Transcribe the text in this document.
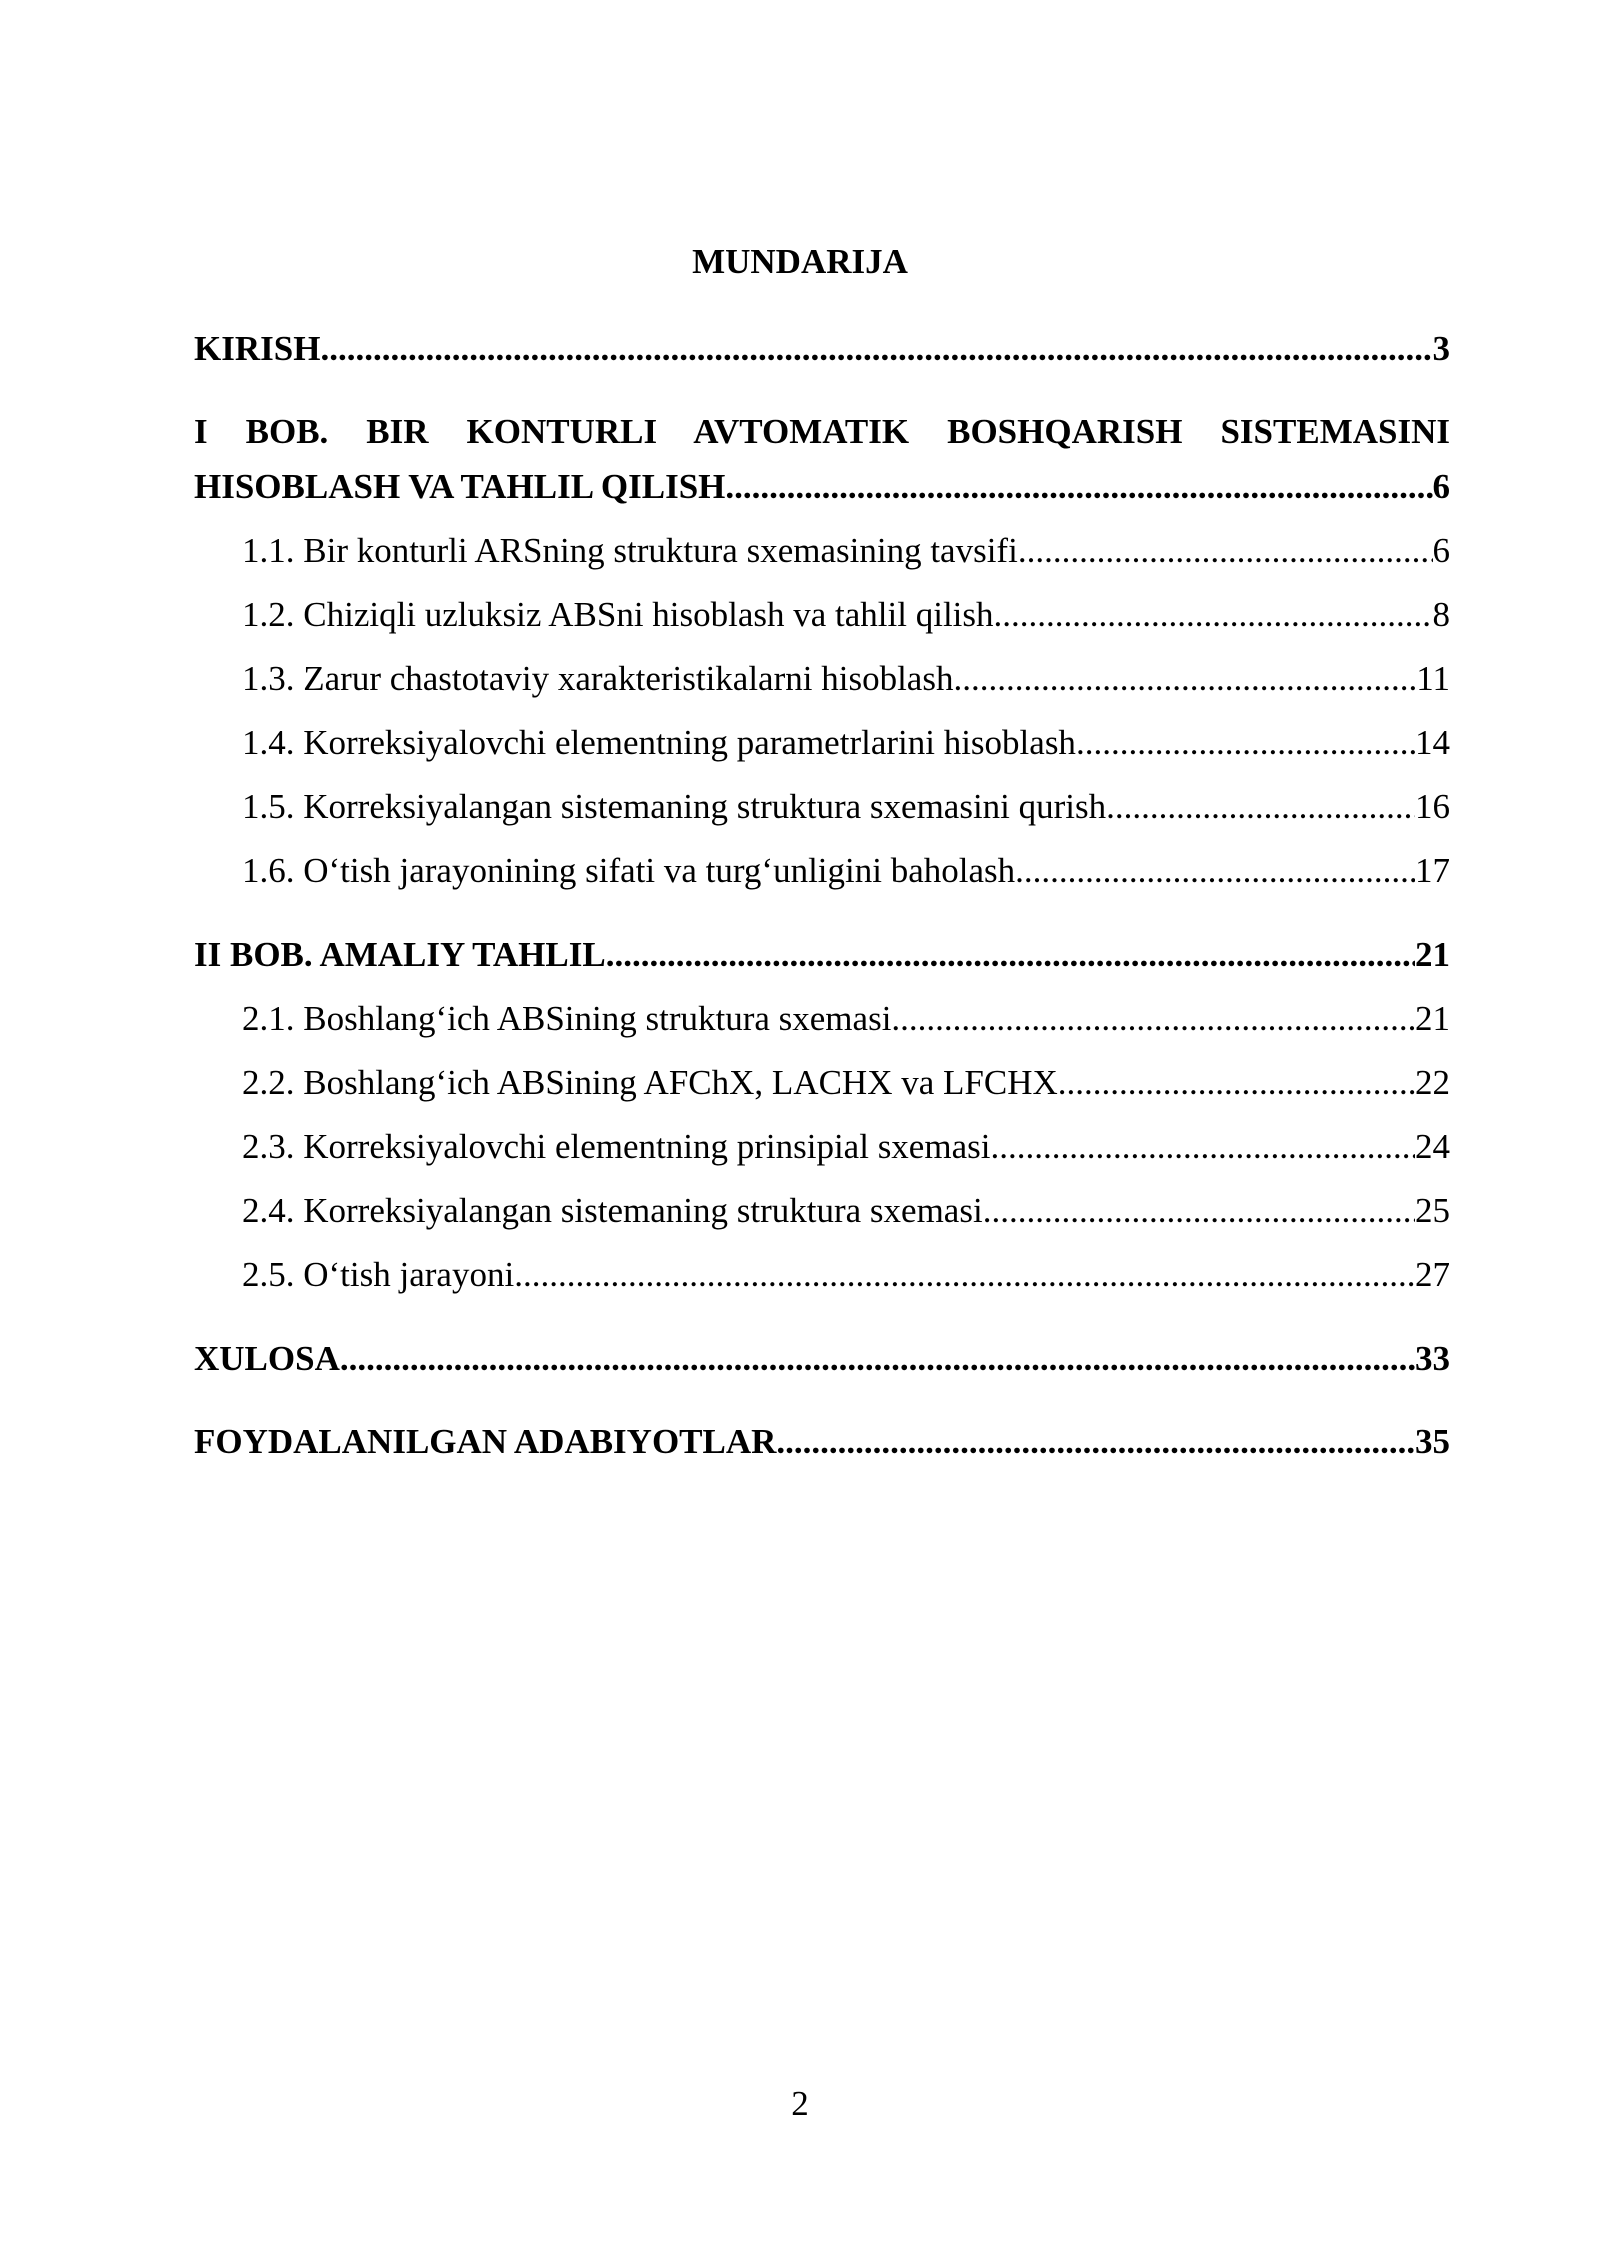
MUNDARIJA
KIRISH .....	3
I BOB. BIR KONTURLI AVTOMATIK BOSHQARISH SISTEMASINI
HISOBLASH VA TAHLIL QILISH .....	6
1.1. Bir konturli ARSning struktura sxemasining tavsifi .....	6
1.2. Chiziqli uzluksiz ABSni hisoblash va tahlil qilish .....	8
1.3. Zarur chastotaviy xarakteristikalarni hisoblash .....	11
1.4. Korreksiyalovchi elementning parametrlarini hisoblash .....	14
1.5. Korreksiyalangan sistemaning struktura sxemasini qurish .....	16
1.6. O‘tish jarayonining sifati va turg‘unligini baholash .....	17
II BOB. AMALIY TAHLIL .....	21
2.1. Boshlang‘ich ABSining struktura sxemasi .....	21
2.2. Boshlang‘ich ABSining AFChX, LACHX va LFCHX .....	22
2.3. Korreksiyalovchi elementning prinsipial sxemasi .....	24
2.4. Korreksiyalangan sistemaning struktura sxemasi .....	25
2.5. O‘tish jarayoni .....	27
XULOSA .....	33
FOYDALANILGAN ADABIYOTLAR .....	35
2
